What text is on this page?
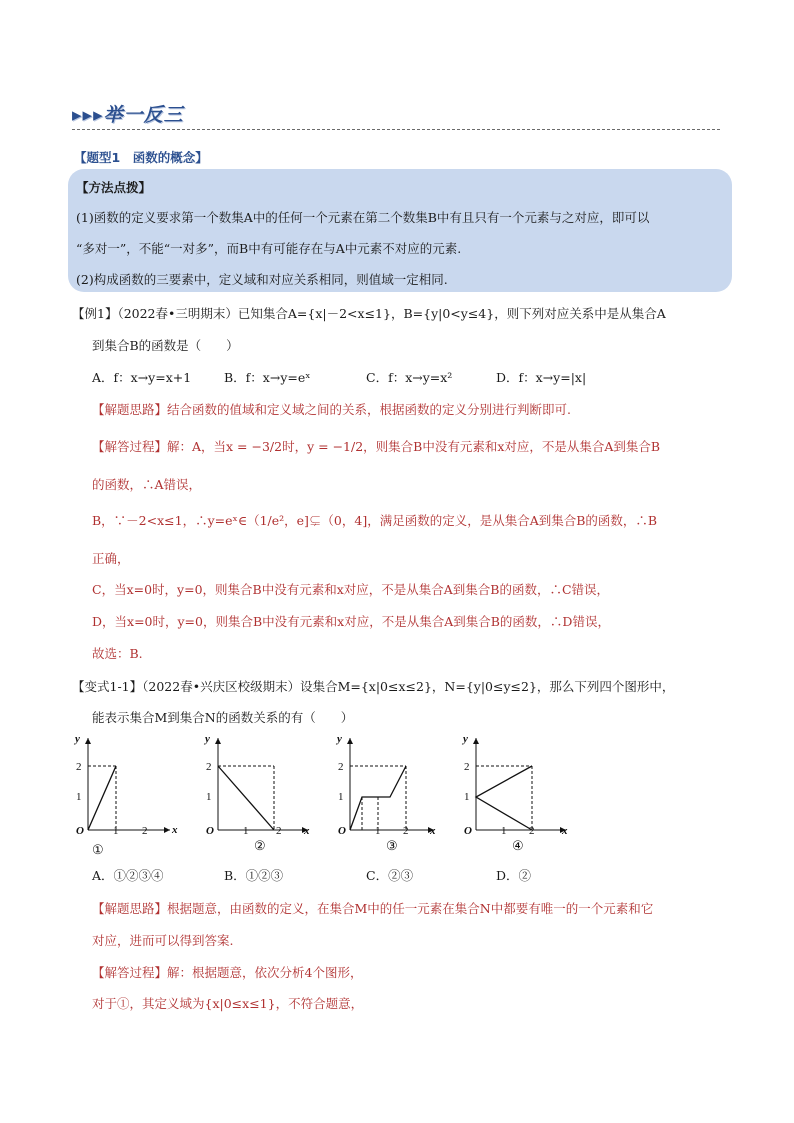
▸▸▸举一反三
【题型1　函数的概念】
【方法点拨】
(1)函数的定义要求第一个数集A中的任何一个元素在第二个数集B中有且只有一个元素与之对应，即可以
“多对一”，不能“一对多”，而B中有可能存在与A中元素不对应的元素.
(2)构成函数的三要素中，定义域和对应关系相同，则值域一定相同.
【例1】（2022春•三明期末）已知集合A={x|－2<x≤1}，B={y|0<y≤4}，则下列对应关系中是从集合A
到集合B的函数是（　　）
A．f：x→y=x+1	B．f：x→y=eˣ	C．f：x→y=x²	D．f：x→y=|x|
【解题思路】结合函数的值域和定义域之间的关系，根据函数的定义分别进行判断即可.
【解答过程】解：A，当x = −3/2时，y = −1/2，则集合B中没有元素和x对应，不是从集合A到集合B
的函数，∴A错误，
B，∵－2<x≤1，∴y=eˣ∈（1/e²，e]⊊（0，4]，满足函数的定义，是从集合A到集合B的函数，∴B
正确，
C，当x=0时，y=0，则集合B中没有元素和x对应，不是从集合A到集合B的函数，∴C错误，
D，当x=0时，y=0，则集合B中没有元素和x对应，不是从集合A到集合B的函数，∴D错误，
故选：B.
【变式1-1】（2022春•兴庆区校级期末）设集合M={x|0≤x≤2}，N={y|0≤y≤2}，那么下列四个图形中，
能表示集合M到集合N的函数关系的有（　　）
y
x
O
2
1
1 2
①
y
x
O
2
1
1	2
②
y
x
O
2
1
1 2
③
y
x
O
2
1
1 2
④
A．①②③④	B．①②③	C．②③	D．②
【解题思路】根据题意，由函数的定义，在集合M中的任一元素在集合N中都要有唯一的一个元素和它
对应，进而可以得到答案.
【解答过程】解：根据题意，依次分析4个图形，
对于①，其定义域为{x|0≤x≤1}，不符合题意，
